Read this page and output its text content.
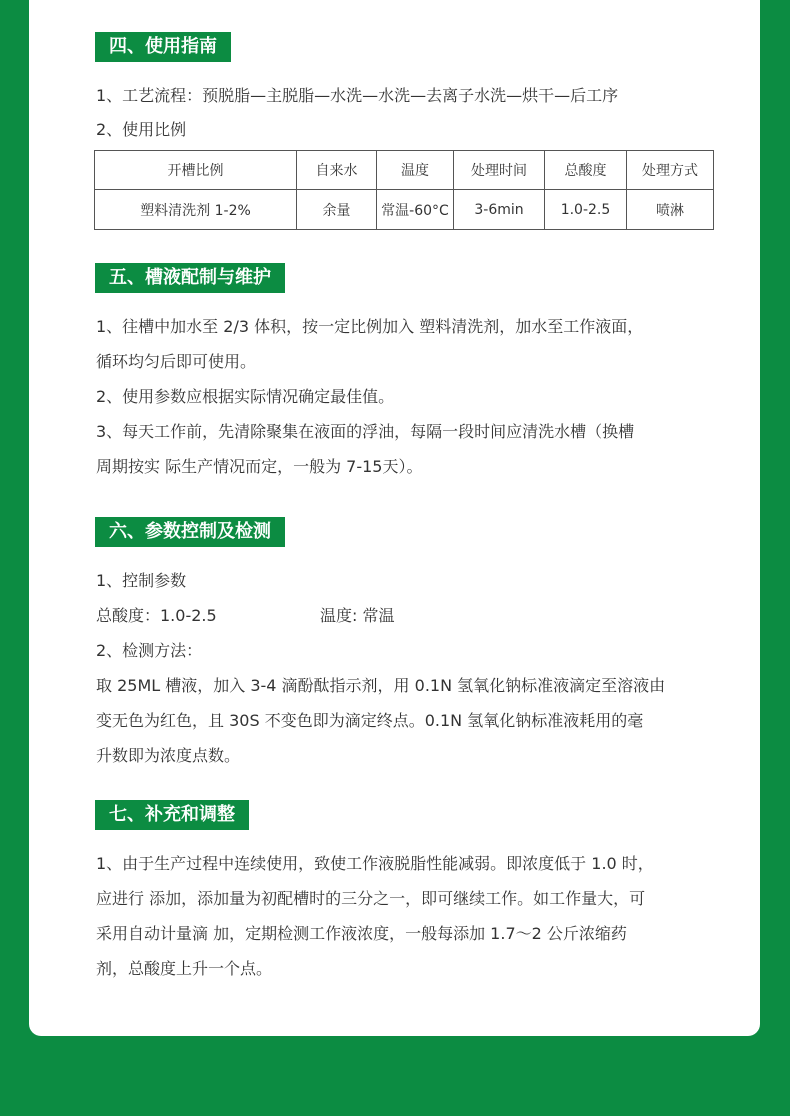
四、使用指南
1、工艺流程：预脱脂—主脱脂—水洗—水洗—去离子水洗—烘干—后工序
2、使用比例
开槽比例	自来水	温度	处理时间	总酸度	处理方式
塑料清洗剂 1-2%	余量	常温-60°C	3-6min	1.0-2.5	喷淋
五、槽液配制与维护
1、往槽中加水至 2/3 体积，按一定比例加入 塑料清洗剂，加水至工作液面，
循环均匀后即可使用。
2、使用参数应根据实际情况确定最佳值。
3、每天工作前，先清除聚集在液面的浮油，每隔一段时间应清洗水槽（换槽
周期按实 际生产情况而定，一般为 7-15天）。
六、参数控制及检测
1、控制参数
总酸度：1.0-2.5	温度: 常温
2、检测方法：
取 25ML 槽液，加入 3-4 滴酚酞指示剂，用 0.1N 氢氧化钠标准液滴定至溶液由
变无色为红色，且 30S 不变色即为滴定终点。0.1N 氢氧化钠标准液耗用的毫
升数即为浓度点数。
七、补充和调整
1、由于生产过程中连续使用，致使工作液脱脂性能减弱。即浓度低于 1.0 时，
应进行 添加，添加量为初配槽时的三分之一，即可继续工作。如工作量大，可
采用自动计量滴 加，定期检测工作液浓度，一般每添加 1.7～2 公斤浓缩药
剂，总酸度上升一个点。
